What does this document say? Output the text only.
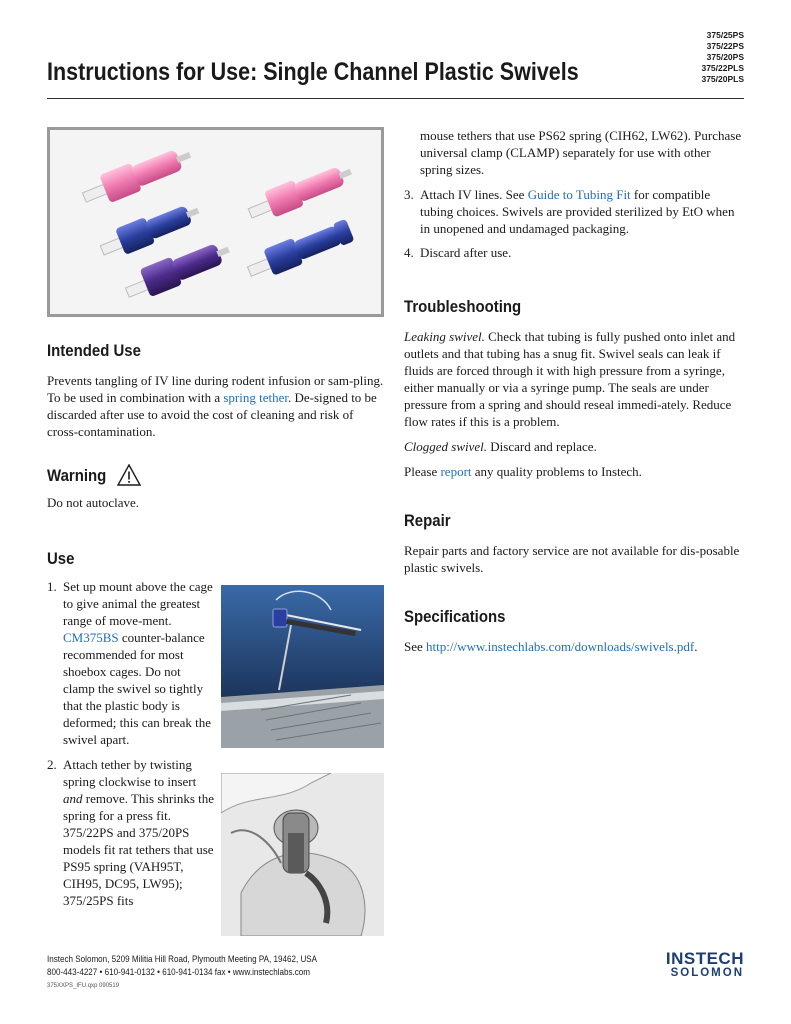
Instructions for Use: Single Channel Plastic Swivels
375/25PS
375/22PS
375/20PS
375/22PLS
375/20PLS
Intended Use

Prevents tangling of IV line during rodent infusion or sam-pling. To be used in combination with a spring tether. De-signed to be discarded after use to avoid the cost of cleaning and risk of cross-contamination.

Warning

Do not autoclave.

Use
1. Set up mount above the cage to give animal the greatest range of move-ment. CM375BS counter-balance recommended for most shoebox cages. Do not clamp the swivel so tightly that the plastic body is deformed; this can break the swivel apart.
2. Attach tether by twisting spring clockwise to insert and remove. This shrinks the spring for a press fit. 375/22PS and 375/20PS models fit rat tethers that use PS95 spring (VAH95T, CIH95, DC95, LW95); 375/25PS fits

mouse tethers that use PS62 spring (CIH62, LW62). Purchase universal clamp (CLAMP) separately for use with other spring sizes.

3. Attach IV lines. See Guide to Tubing Fit for compatible tubing choices. Swivels are provided sterilized by EtO when in unopened and undamaged packaging.
4. Discard after use.
Troubleshooting

Leaking swivel. Check that tubing is fully pushed onto inlet and outlets and that tubing has a snug fit. Swivel seals can leak if fluids are forced through it with high pressure from a syringe, either manually or via a syringe pump. The seals are under pressure from a spring and should reseal immedi-ately. Reduce flow rates if this is a problem.

Clogged swivel. Discard and replace.

Please report any quality problems to Instech.

Repair

Repair parts and factory service are not available for dis-posable plastic swivels.

Specifications

See http://www.instechlabs.com/downloads/swivels.pdf.

Instech Solomon, 5209 Militia Hill Road, Plymouth Meeting PA, 19462, USA
800-443-4227 • 610-941-0132 • 610-941-0134 fax • www.instechlabs.com
375XXPS_IFU.qxp 090519
INSTECH
SOLOMON
